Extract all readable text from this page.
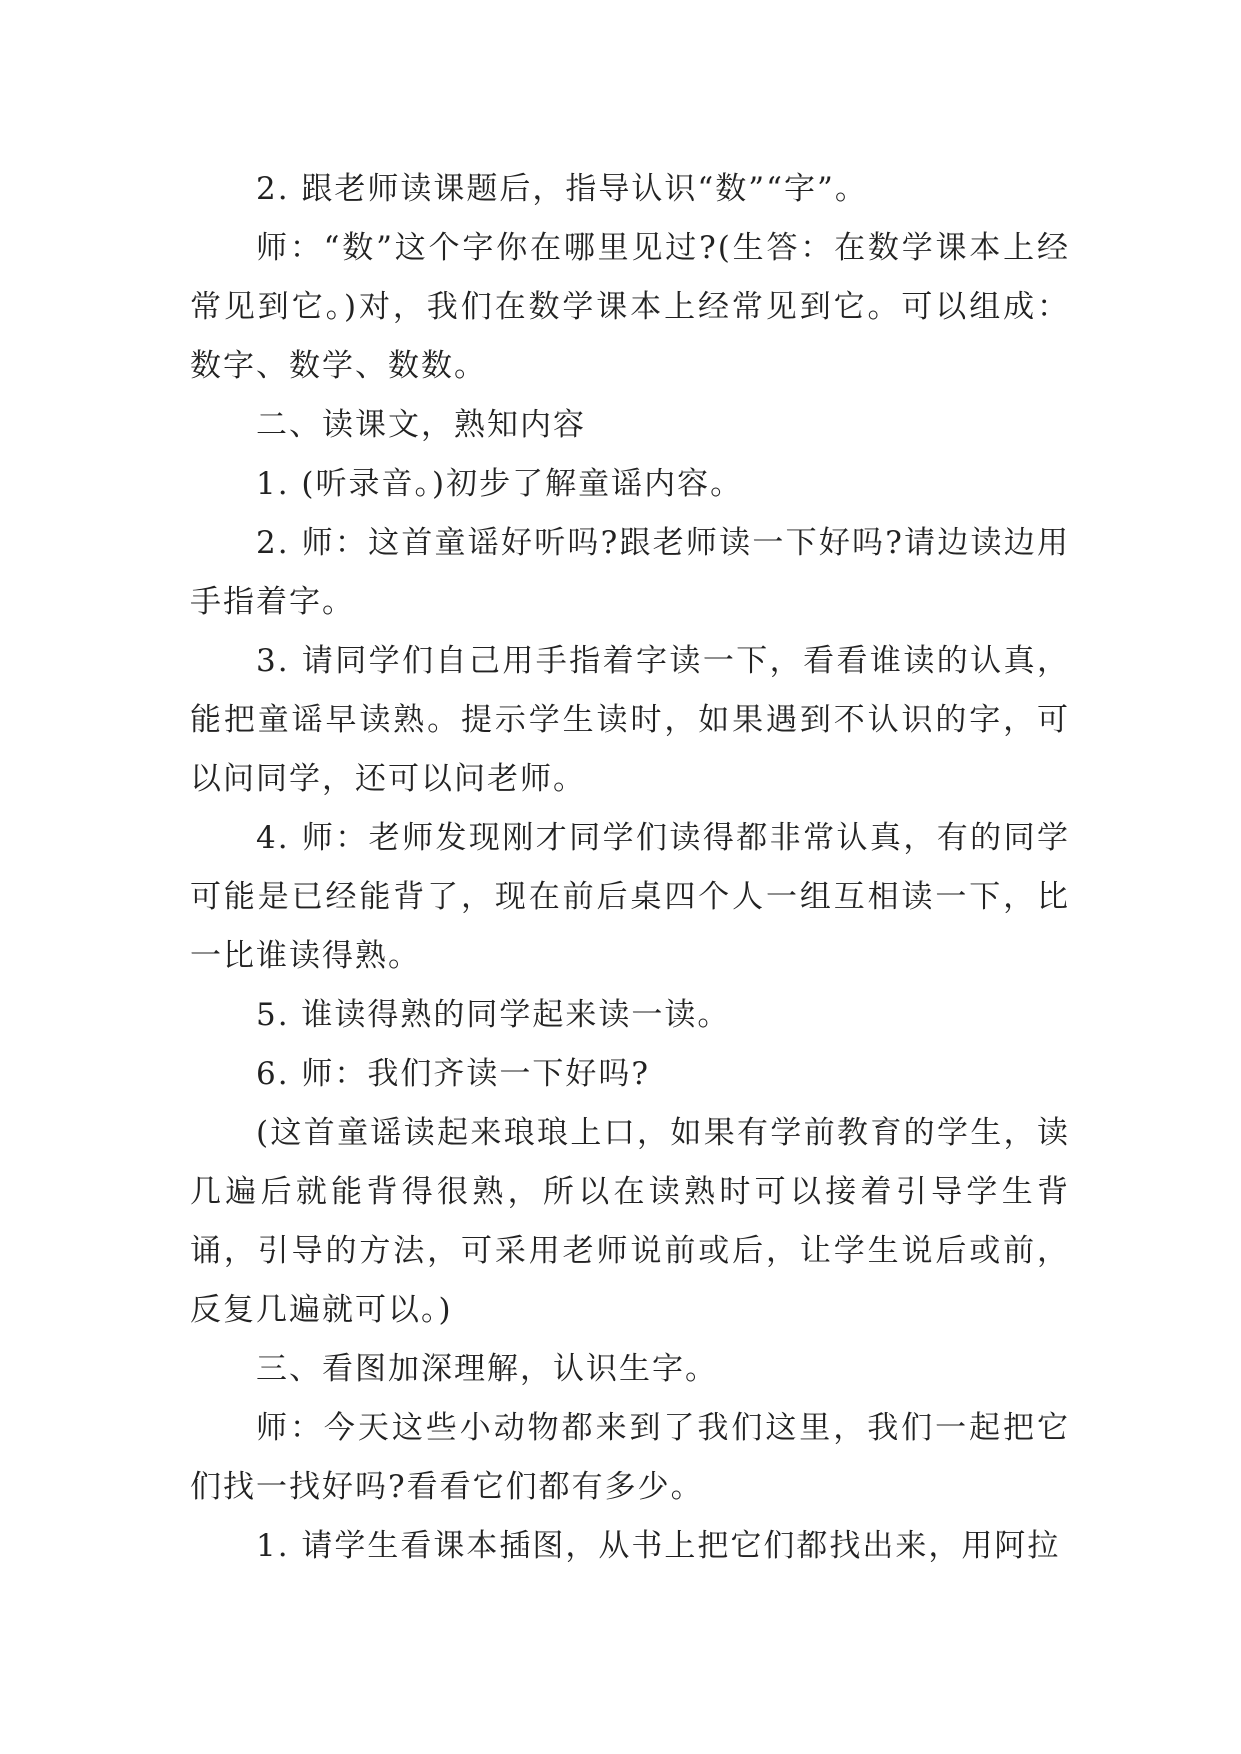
2. 跟老师读课题后，指导认识“数”“字”。

师：“数”这个字你在哪里见过?(生答：在数学课本上经常见到它。)对，我们在数学课本上经常见到它。可以组成：数字、数学、数数。

二、读课文，熟知内容

1. (听录音。)初步了解童谣内容。

2. 师：这首童谣好听吗?跟老师读一下好吗?请边读边用手指着字。

3. 请同学们自己用手指着字读一下，看看谁读的认真，能把童谣早读熟。提示学生读时，如果遇到不认识的字，可以问同学，还可以问老师。

4. 师：老师发现刚才同学们读得都非常认真，有的同学可能是已经能背了，现在前后桌四个人一组互相读一下，比一比谁读得熟。

5. 谁读得熟的同学起来读一读。

6. 师：我们齐读一下好吗?

(这首童谣读起来琅琅上口，如果有学前教育的学生，读几遍后就能背得很熟，所以在读熟时可以接着引导学生背诵，引导的方法，可采用老师说前或后，让学生说后或前，反复几遍就可以。)

三、看图加深理解，认识生字。

师：今天这些小动物都来到了我们这里，我们一起把它们找一找好吗?看看它们都有多少。

1. 请学生看课本插图，从书上把它们都找出来，用阿拉
